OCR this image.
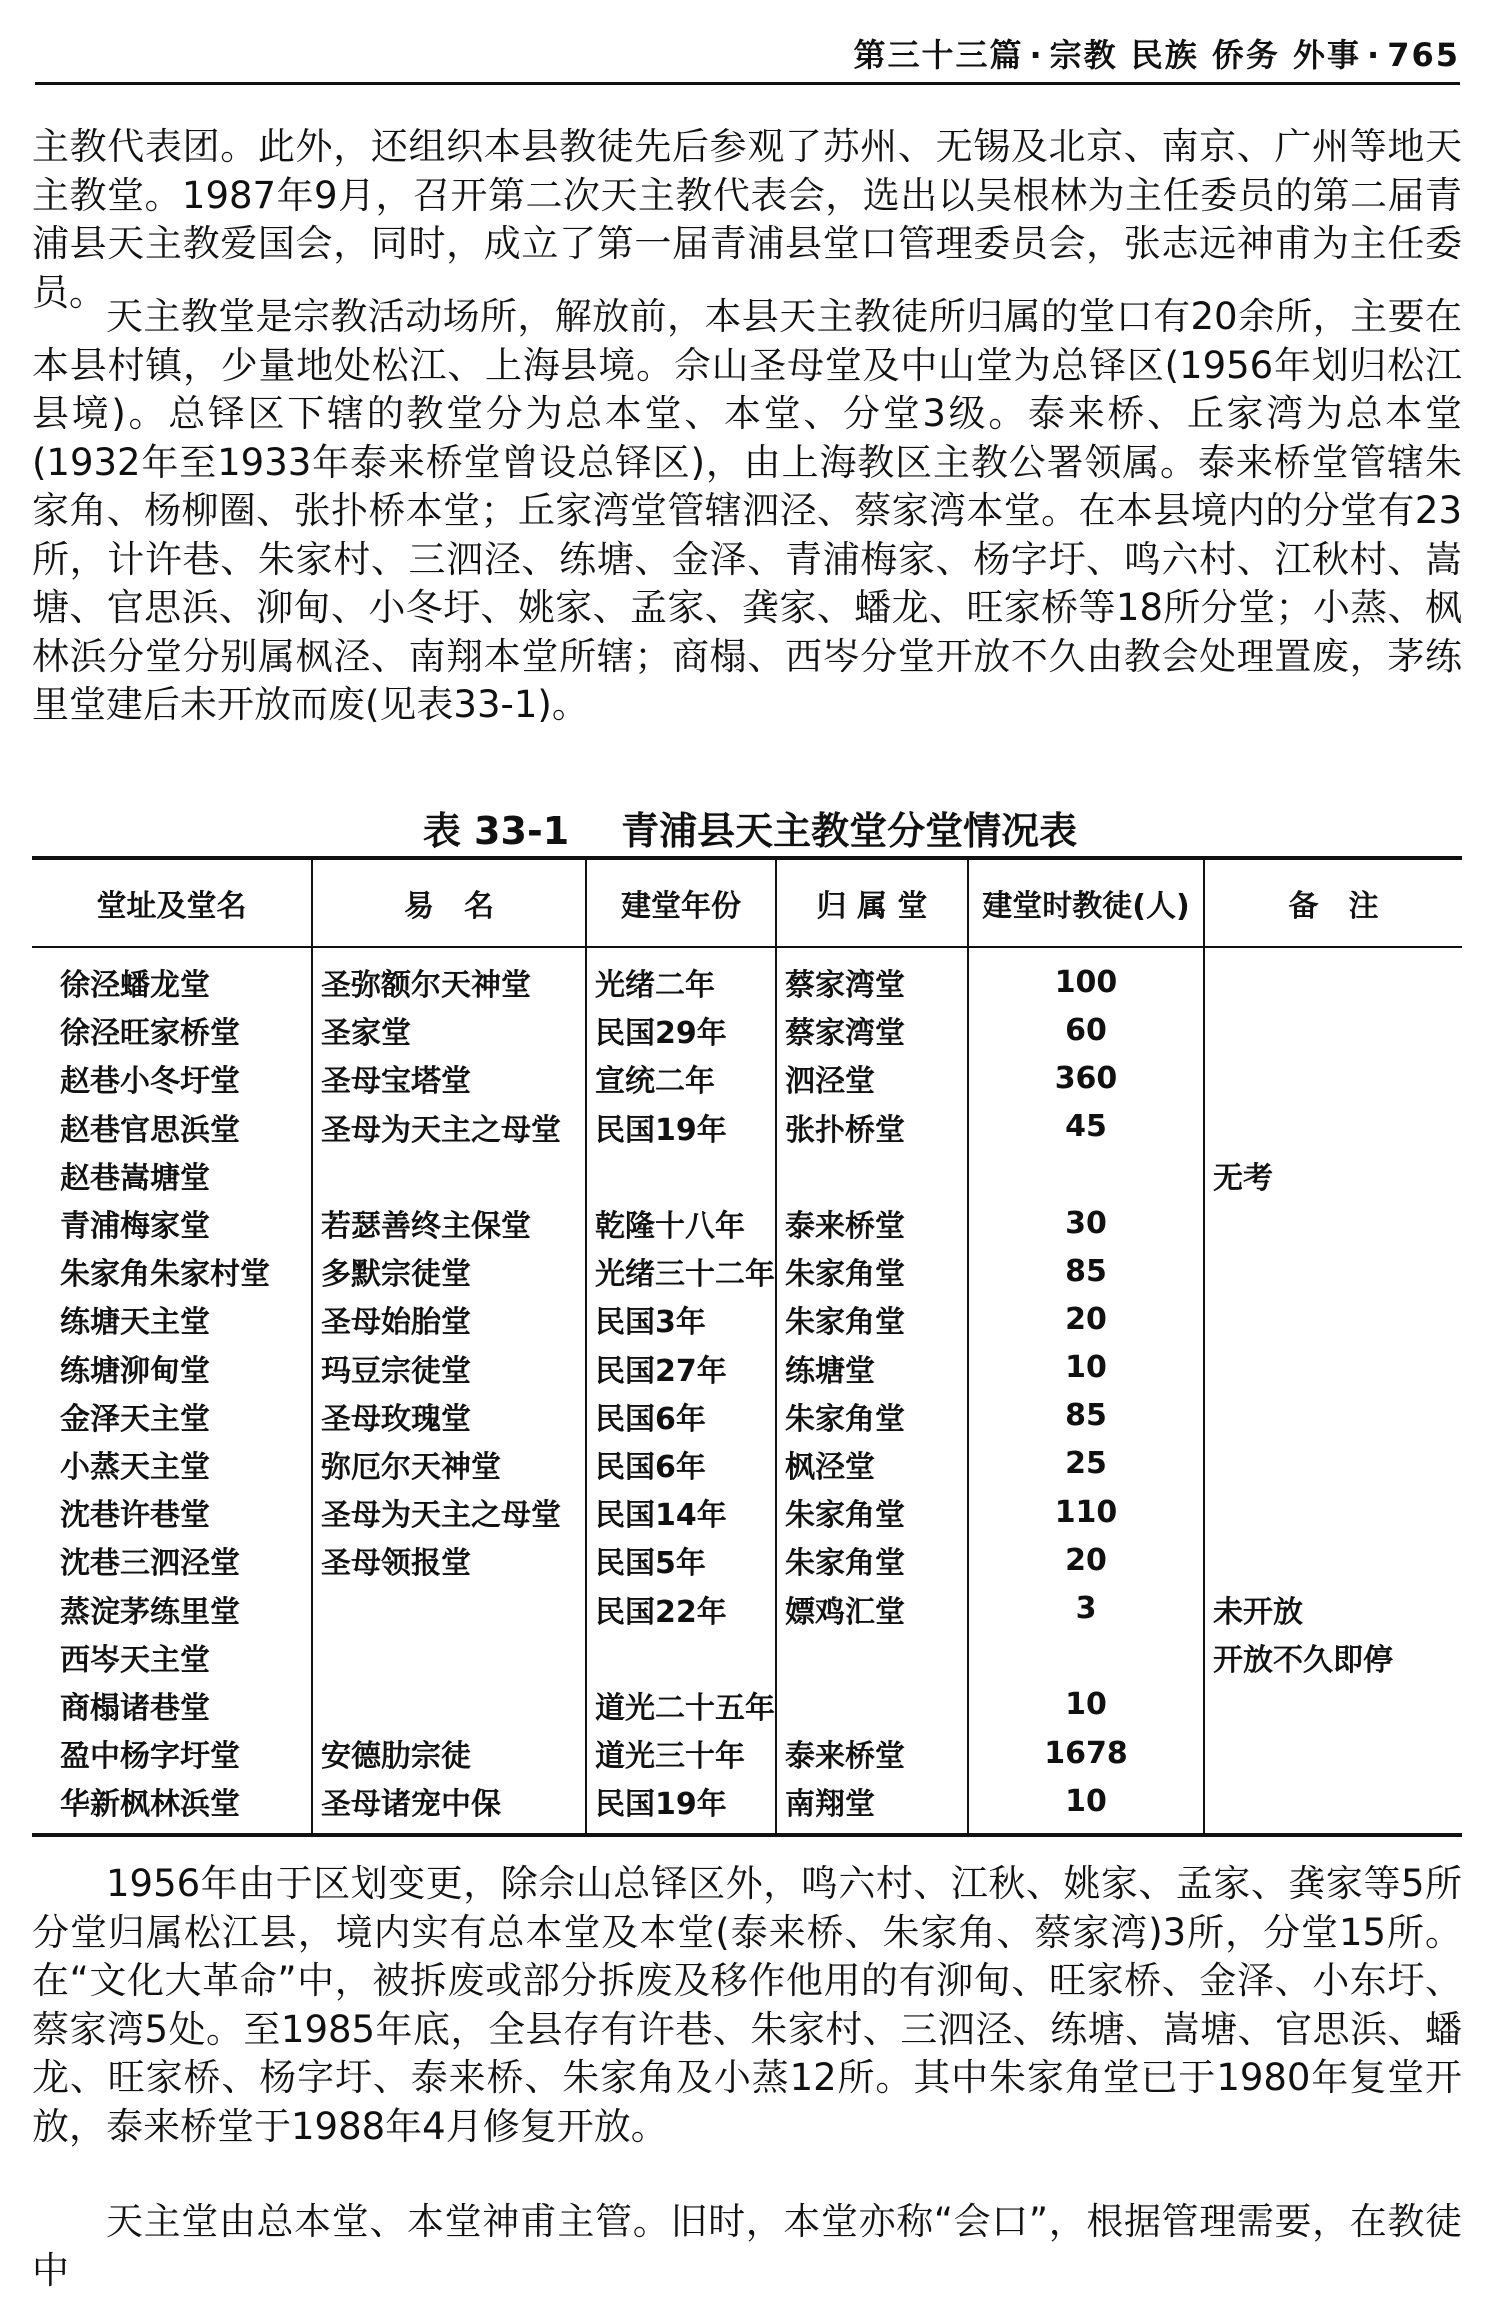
第三十三篇 · 宗教 民族 侨务 外事 · 765

主教代表团。此外，还组织本县教徒先后参观了苏州、无锡及北京、南京、广州等地天主教堂。1987年9月，召开第二次天主教代表会，选出以吴根林为主任委员的第二届青浦县天主教爱国会，同时，成立了第一届青浦县堂口管理委员会，张志远神甫为主任委员。

天主教堂是宗教活动场所，解放前，本县天主教徒所归属的堂口有20余所，主要在本县村镇，少量地处松江、上海县境。佘山圣母堂及中山堂为总铎区(1956年划归松江县境)。总铎区下辖的教堂分为总本堂、本堂、分堂3级。泰来桥、丘家湾为总本堂(1932年至1933年泰来桥堂曾设总铎区)，由上海教区主教公署领属。泰来桥堂管辖朱家角、杨柳圈、张扑桥本堂；丘家湾堂管辖泗泾、蔡家湾本堂。在本县境内的分堂有23所，计许巷、朱家村、三泗泾、练塘、金泽、青浦梅家、杨字圩、鸣六村、江秋村、嵩塘、官思浜、泖甸、小冬圩、姚家、孟家、龚家、蟠龙、旺家桥等18所分堂；小蒸、枫林浜分堂分别属枫泾、南翔本堂所辖；商榻、西岑分堂开放不久由教会处理置废，茅练里堂建后未开放而废(见表33-1)。

表 33-1 青浦县天主教堂分堂情况表
堂址及堂名	易　名	建堂年份	归 属 堂	建堂时教徒(人)	备　注
徐泾蟠龙堂	圣弥额尔天神堂	光绪二年	蔡家湾堂	100	
徐泾旺家桥堂	圣家堂	民国29年	蔡家湾堂	60	
赵巷小冬圩堂	圣母宝塔堂	宣统二年	泗泾堂	360	
赵巷官思浜堂	圣母为天主之母堂	民国19年	张扑桥堂	45	
赵巷嵩塘堂					无考
青浦梅家堂	若瑟善终主保堂	乾隆十八年	泰来桥堂	30	
朱家角朱家村堂	多默宗徒堂	光绪三十二年	朱家角堂	85	
练塘天主堂	圣母始胎堂	民国3年	朱家角堂	20	
练塘泖甸堂	玛豆宗徒堂	民国27年	练塘堂	10	
金泽天主堂	圣母玫瑰堂	民国6年	朱家角堂	85	
小蒸天主堂	弥厄尔天神堂	民国6年	枫泾堂	25	
沈巷许巷堂	圣母为天主之母堂	民国14年	朱家角堂	110	
沈巷三泗泾堂	圣母领报堂	民国5年	朱家角堂	20	
蒸淀茅练里堂		民国22年	嫖鸡汇堂	3	未开放
西岑天主堂					开放不久即停
商榻诸巷堂		道光二十五年		10	
盈中杨字圩堂	安德肋宗徒	道光三十年	泰来桥堂	1678	
华新枫林浜堂	圣母诸宠中保	民国19年	南翔堂	10	

1956年由于区划变更，除佘山总铎区外，鸣六村、江秋、姚家、孟家、龚家等5所分堂归属松江县，境内实有总本堂及本堂(泰来桥、朱家角、蔡家湾)3所，分堂15所。在“文化大革命”中，被拆废或部分拆废及移作他用的有泖甸、旺家桥、金泽、小东圩、蔡家湾5处。至1985年底，全县存有许巷、朱家村、三泗泾、练塘、嵩塘、官思浜、蟠龙、旺家桥、杨字圩、泰来桥、朱家角及小蒸12所。其中朱家角堂已于1980年复堂开放，泰来桥堂于1988年4月修复开放。

天主堂由总本堂、本堂神甫主管。旧时，本堂亦称“会口”，根据管理需要，在教徒中
